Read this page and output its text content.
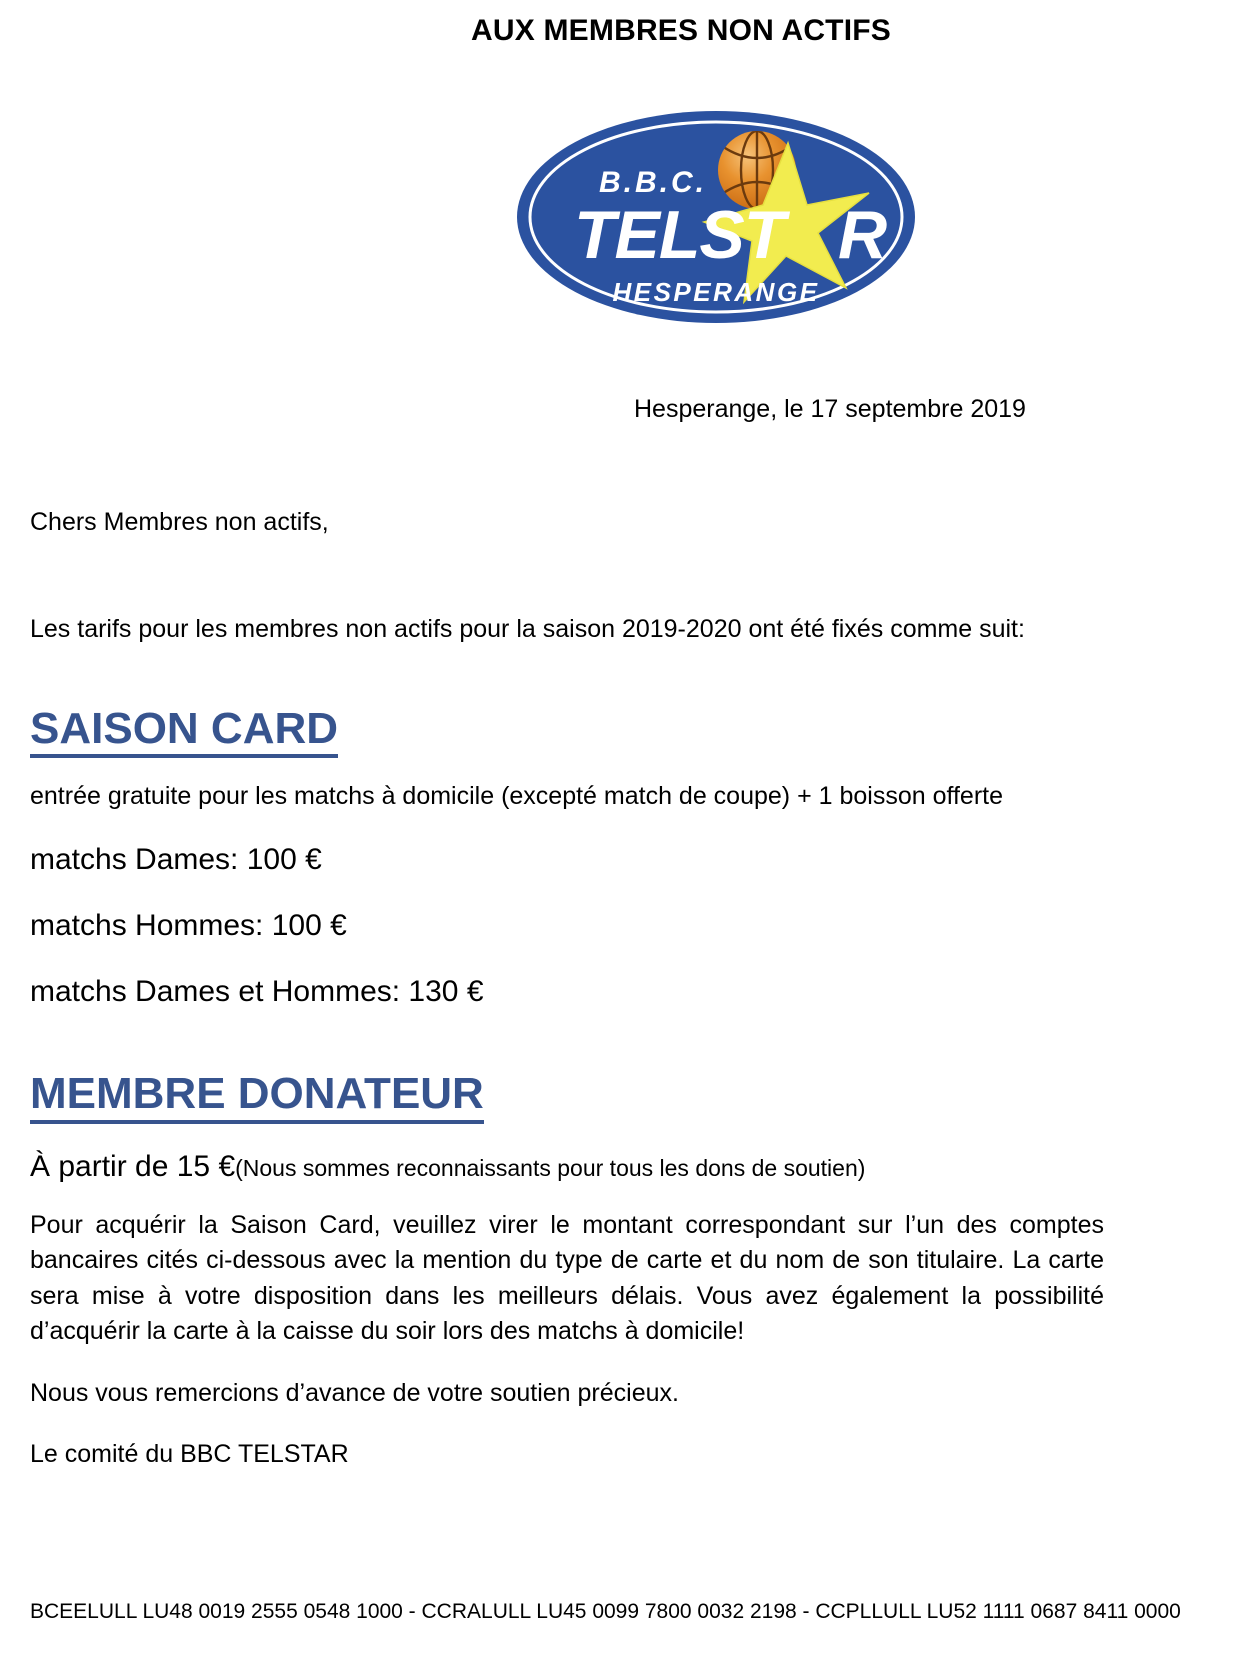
AUX MEMBRES NON ACTIFS
B.B.C.
TELST R
HESPERANGE
Hesperange, le 17 septembre 2019
Chers Membres non actifs,
Les tarifs pour les membres non actifs pour la saison 2019-2020 ont été fixés comme suit:
SAISON CARD
entrée gratuite pour les matchs à domicile (excepté match de coupe) + 1 boisson offerte
matchs Dames: 100 €
matchs Hommes: 100 €
matchs Dames et Hommes: 130 €
MEMBRE DONATEUR
À partir de 15 €(Nous sommes reconnaissants pour tous les dons de soutien)
Pour acquérir la Saison Card, veuillez virer le montant correspondant sur l’un des comptes bancaires cités ci-dessous avec la mention du type de carte et du nom de son titulaire. La carte sera mise à votre disposition dans les meilleurs délais. Vous avez également la possibilité d’acquérir la carte à la caisse du soir lors des matchs à domicile!
Nous vous remercions d’avance de votre soutien précieux.
Le comité du BBC TELSTAR
BCEELULL LU48 0019 2555 0548 1000 - CCRALULL LU45 0099 7800 0032 2198 - CCPLLULL LU52 1111 0687 8411 0000
